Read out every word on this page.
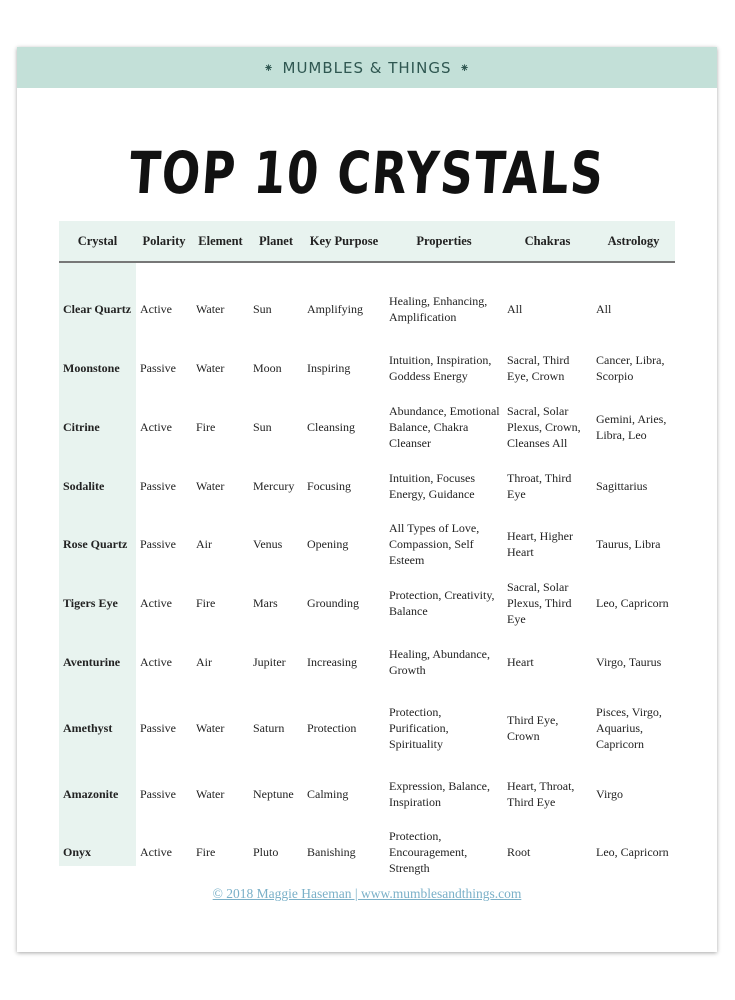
⁕ MUMBLES & THINGS ⁕
TOP 10 CRYSTALS
Crystal	Polarity	Element	Planet	Key Purpose	Properties	Chakras	Astrology

Clear Quartz	Active	Water	Sun	Amplifying	Healing, Enhancing, Amplification	All	All
Moonstone	Passive	Water	Moon	Inspiring	Intuition, Inspiration, Goddess Energy	Sacral, Third Eye, Crown	Cancer, Libra, Scorpio
Citrine	Active	Fire	Sun	Cleansing	Abundance, Emotional Balance, Chakra Cleanser	Sacral, Solar Plexus, Crown, Cleanses All	Gemini, Aries, Libra, Leo
Sodalite	Passive	Water	Mercury	Focusing	Intuition, Focuses Energy, Guidance	Throat, Third Eye	Sagittarius
Rose Quartz	Passive	Air	Venus	Opening	All Types of Love, Compassion, Self Esteem	Heart, Higher Heart	Taurus, Libra
Tigers Eye	Active	Fire	Mars	Grounding	Protection, Creativity, Balance	Sacral, Solar Plexus, Third Eye	Leo, Capricorn
Aventurine	Active	Air	Jupiter	Increasing	Healing, Abundance, Growth	Heart	Virgo, Taurus
Amethyst	Passive	Water	Saturn	Protection	Protection, Purification, Spirituality	Third Eye, Crown	Pisces, Virgo, Aquarius, Capricorn
Amazonite	Passive	Water	Neptune	Calming	Expression, Balance, Inspiration	Heart, Throat, Third Eye	Virgo
Onyx	Active	Fire	Pluto	Banishing	Protection, Encouragement, Strength	Root	Leo, Capricorn
© 2018 Maggie Haseman | www.mumblesandthings.com
